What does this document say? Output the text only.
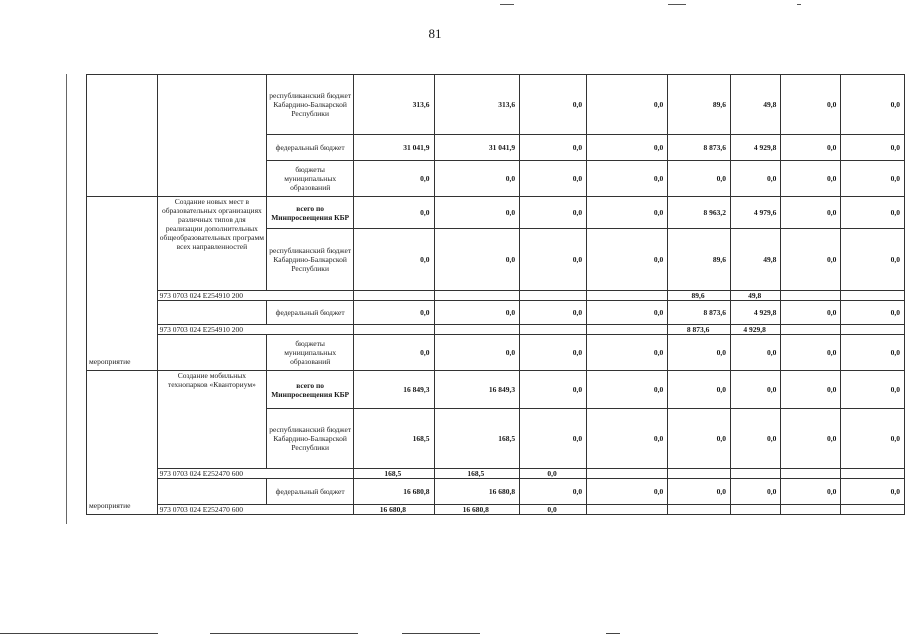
81
		республиканский бюджет Кабардино-Балкарской Республики	313,6	313,6	0,0	0,0	89,6	49,8	0,0	0,0
		федеральный бюджет	31 041,9	31 041,9	0,0	0,0	8 873,6	4 929,8	0,0	0,0
		бюджеты муниципальных образований	0,0	0,0	0,0	0,0	0,0	0,0	0,0	0,0
мероприятие	Создание новых мест в образовательных организациях различных типов для реализации дополнительных общеобразовательных программ всех направленностей	всего по Минпросвещения КБР	0,0	0,0	0,0	0,0	8 963,2	4 979,6	0,0	0,0
		республиканский бюджет Кабардино-Балкарской Республики	0,0	0,0	0,0	0,0	89,6	49,8	0,0	0,0
	973 0703 024 E254910 200						89,6	49,8		
		федеральный бюджет	0,0	0,0	0,0	0,0	8 873,6	4 929,8	0,0	0,0
	973 0703 024 E254910 200						8 873,6	4 929,8		
		бюджеты муниципальных образований	0,0	0,0	0,0	0,0	0,0	0,0	0,0	0,0
мероприятие	Создание мобильных технопарков «Кванториум»	всего по Минпросвещения КБР	16 849,3	16 849,3	0,0	0,0	0,0	0,0	0,0	0,0
		республиканский бюджет Кабардино-Балкарской Республики	168,5	168,5	0,0	0,0	0,0	0,0	0,0	0,0
	973 0703 024 E252470 600		168,5	168,5	0,0					
		федеральный бюджет	16 680,8	16 680,8	0,0	0,0	0,0	0,0	0,0	0,0
	973 0703 024 E252470 600		16 680,8	16 680,8	0,0					
